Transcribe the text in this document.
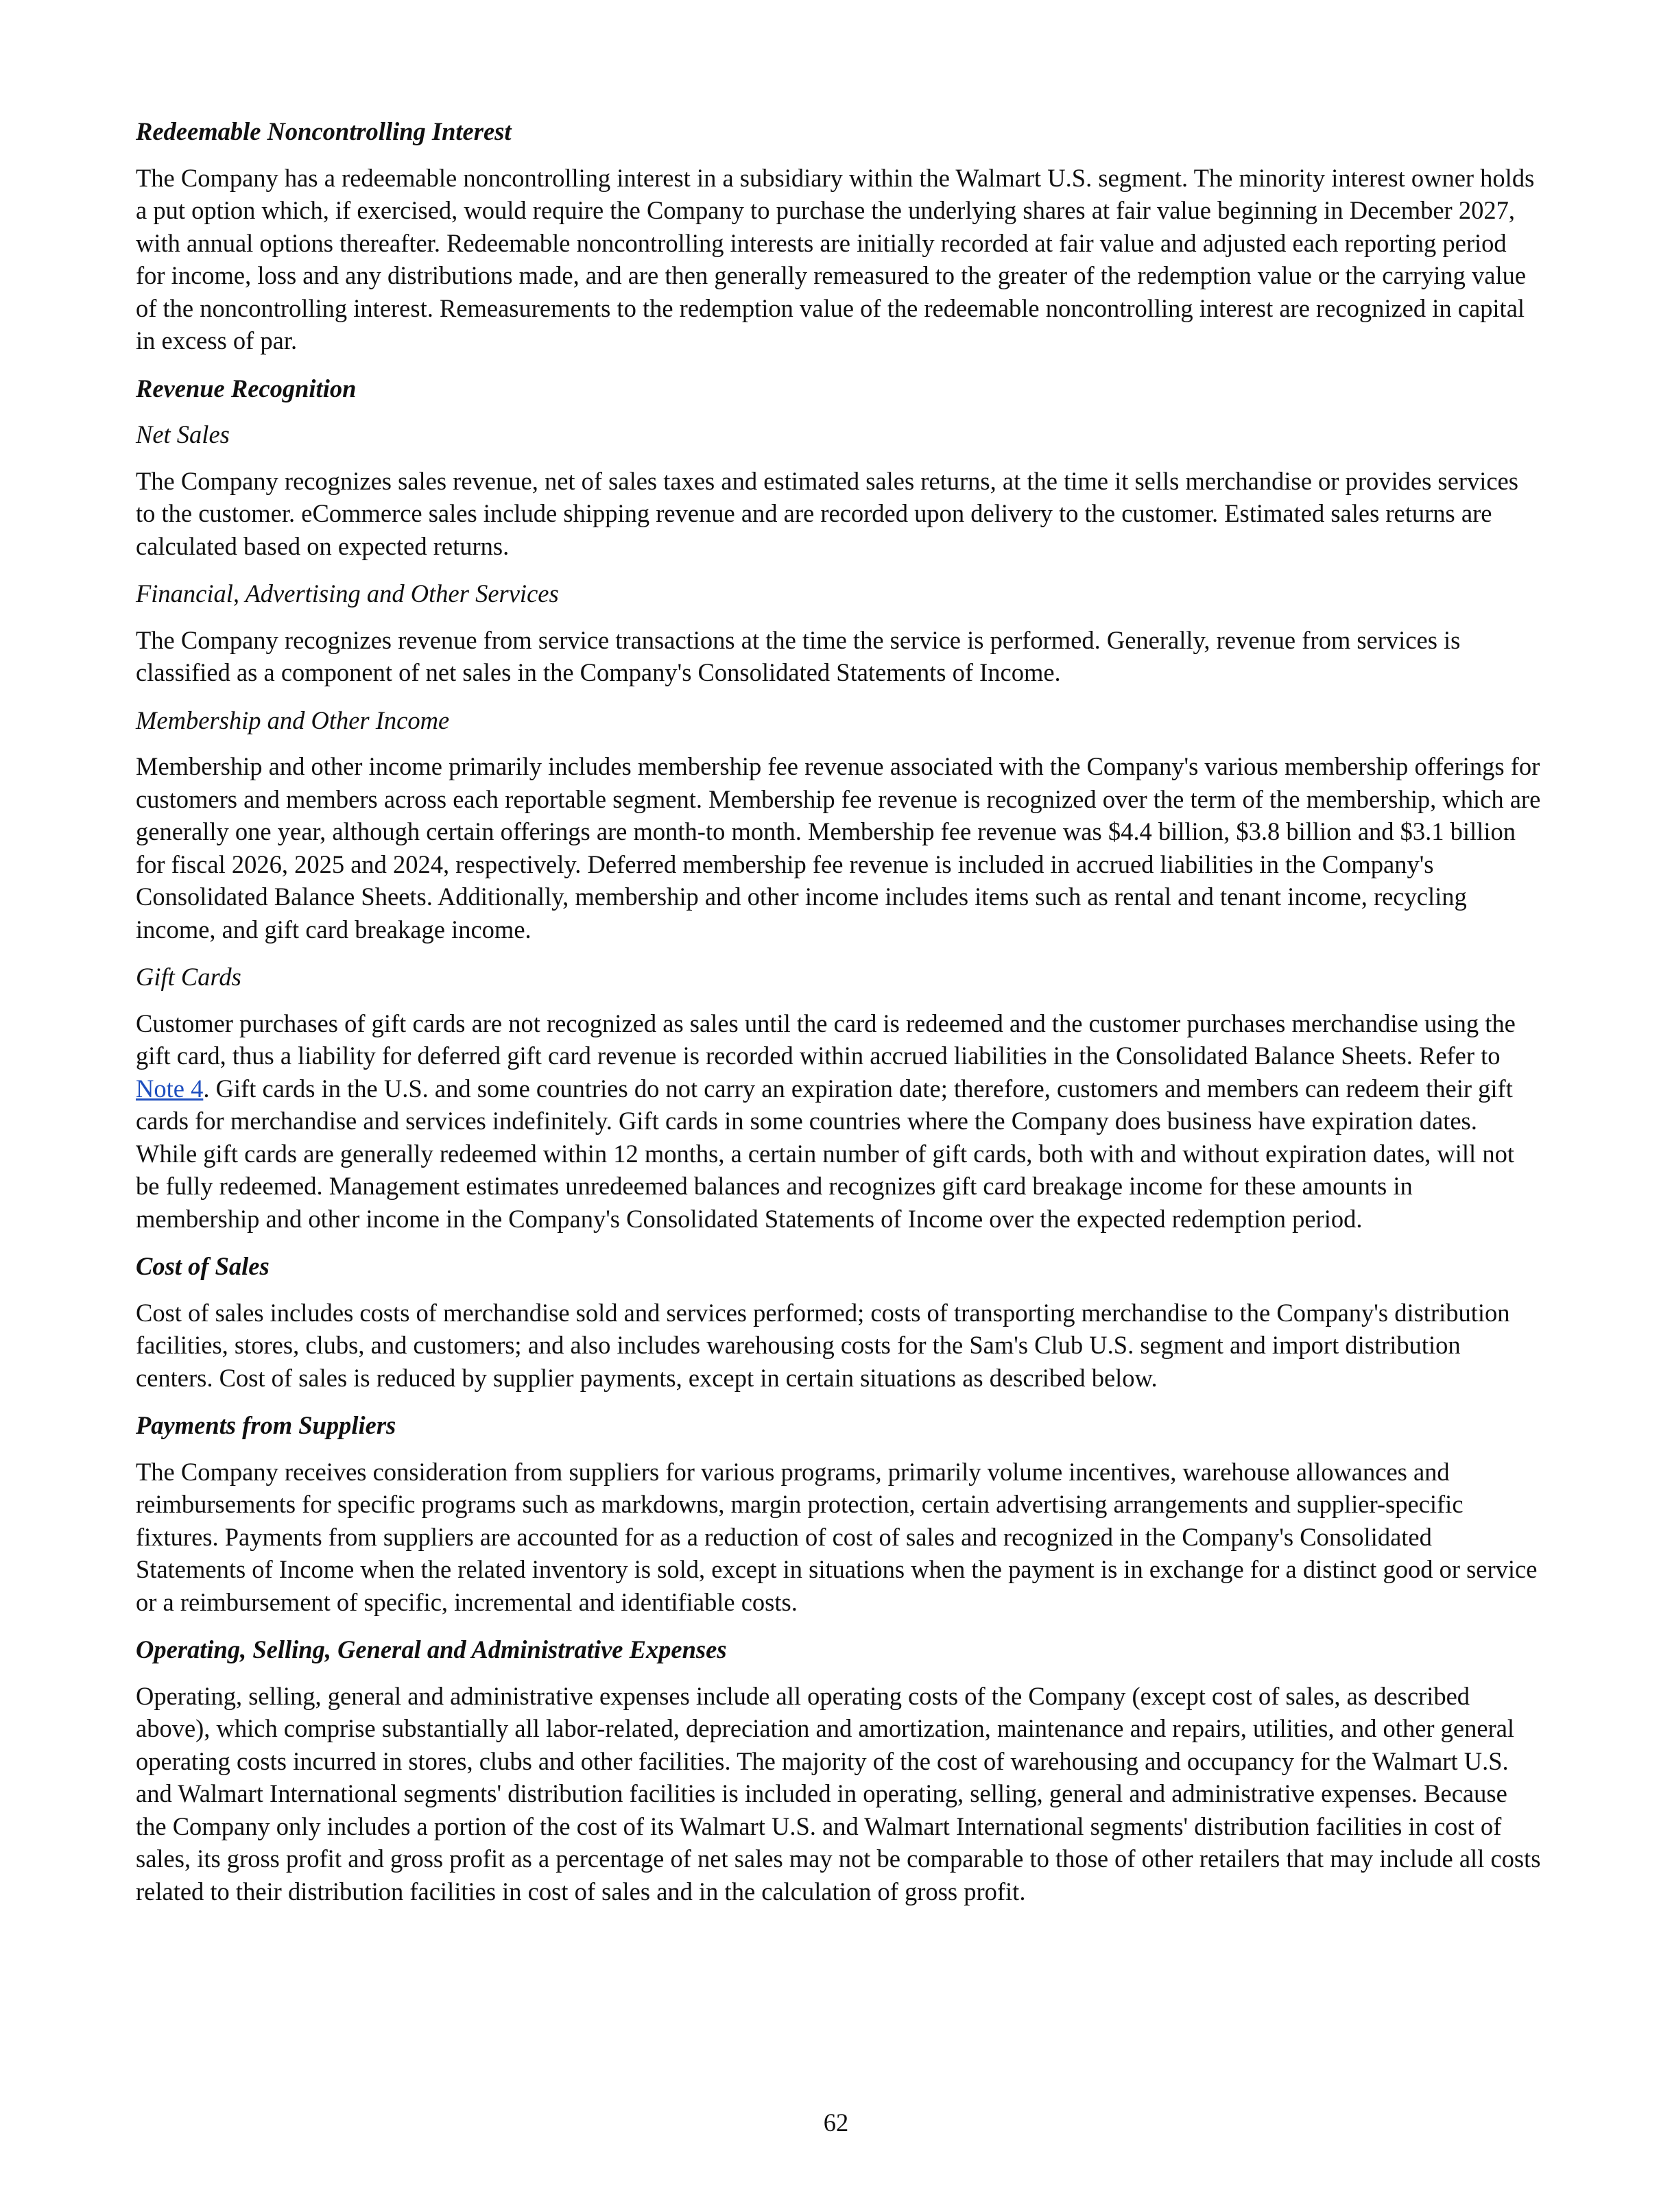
Redeemable Noncontrolling Interest

The Company has a redeemable noncontrolling interest in a subsidiary within the Walmart U.S. segment. The minority interest owner holds a put option which, if exercised, would require the Company to purchase the underlying shares at fair value beginning in December 2027, with annual options thereafter. Redeemable noncontrolling interests are initially recorded at fair value and adjusted each reporting period for income, loss and any distributions made, and are then generally remeasured to the greater of the redemption value or the carrying value of the noncontrolling interest. Remeasurements to the redemption value of the redeemable noncontrolling interest are recognized in capital in excess of par.

Revenue Recognition
Net Sales

The Company recognizes sales revenue, net of sales taxes and estimated sales returns, at the time it sells merchandise or provides services to the customer. eCommerce sales include shipping revenue and are recorded upon delivery to the customer. Estimated sales returns are calculated based on expected returns.

Financial, Advertising and Other Services

The Company recognizes revenue from service transactions at the time the service is performed. Generally, revenue from services is classified as a component of net sales in the Company's Consolidated Statements of Income.

Membership and Other Income

Membership and other income primarily includes membership fee revenue associated with the Company's various membership offerings for customers and members across each reportable segment. Membership fee revenue is recognized over the term of the membership, which are generally one year, although certain offerings are month-to month. Membership fee revenue was $4.4 billion, $3.8 billion and $3.1 billion for fiscal 2026, 2025 and 2024, respectively. Deferred membership fee revenue is included in accrued liabilities in the Company's Consolidated Balance Sheets. Additionally, membership and other income includes items such as rental and tenant income, recycling income, and gift card breakage income.

Gift Cards

Customer purchases of gift cards are not recognized as sales until the card is redeemed and the customer purchases merchandise using the gift card, thus a liability for deferred gift card revenue is recorded within accrued liabilities in the Consolidated Balance Sheets. Refer to Note 4. Gift cards in the U.S. and some countries do not carry an expiration date; therefore, customers and members can redeem their gift cards for merchandise and services indefinitely. Gift cards in some countries where the Company does business have expiration dates. While gift cards are generally redeemed within 12 months, a certain number of gift cards, both with and without expiration dates, will not be fully redeemed. Management estimates unredeemed balances and recognizes gift card breakage income for these amounts in membership and other income in the Company's Consolidated Statements of Income over the expected redemption period.

Cost of Sales

Cost of sales includes costs of merchandise sold and services performed; costs of transporting merchandise to the Company's distribution facilities, stores, clubs, and customers; and also includes warehousing costs for the Sam's Club U.S. segment and import distribution centers. Cost of sales is reduced by supplier payments, except in certain situations as described below.

Payments from Suppliers

The Company receives consideration from suppliers for various programs, primarily volume incentives, warehouse allowances and reimbursements for specific programs such as markdowns, margin protection, certain advertising arrangements and supplier-specific fixtures. Payments from suppliers are accounted for as a reduction of cost of sales and recognized in the Company's Consolidated Statements of Income when the related inventory is sold, except in situations when the payment is in exchange for a distinct good or service or a reimbursement of specific, incremental and identifiable costs.

Operating, Selling, General and Administrative Expenses

Operating, selling, general and administrative expenses include all operating costs of the Company (except cost of sales, as described above), which comprise substantially all labor-related, depreciation and amortization, maintenance and repairs, utilities, and other general operating costs incurred in stores, clubs and other facilities. The majority of the cost of warehousing and occupancy for the Walmart U.S. and Walmart International segments' distribution facilities is included in operating, selling, general and administrative expenses. Because the Company only includes a portion of the cost of its Walmart U.S. and Walmart International segments' distribution facilities in cost of sales, its gross profit and gross profit as a percentage of net sales may not be comparable to those of other retailers that may include all costs related to their distribution facilities in cost of sales and in the calculation of gross profit.

62
